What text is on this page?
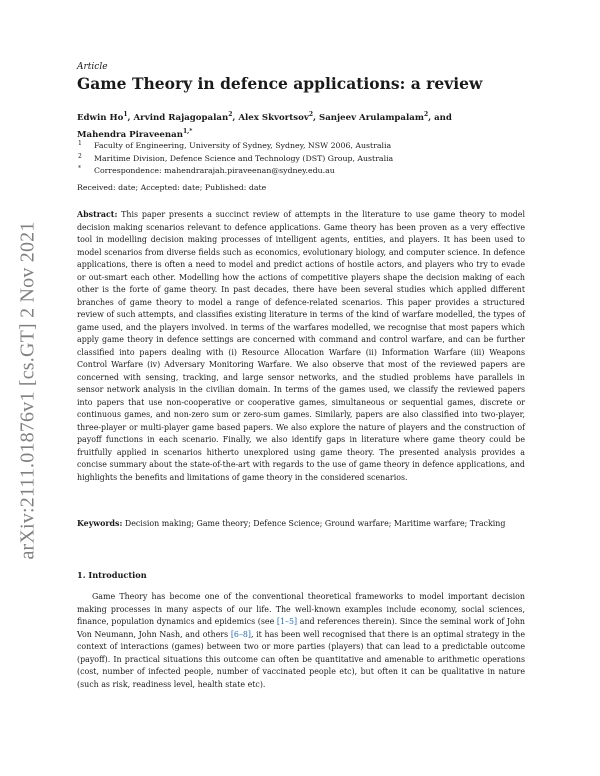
arXiv:2111.01876v1 [cs.GT] 2 Nov 2021
Article
Game Theory in defence applications: a review
Edwin Ho$^1$, Arvind Rajagopalan$^2$, Alex Skvortsov$^2$, Sanjeev Arulampalam$^2$, and
Mahendra Piraveenan$^{1,*}$
1 Faculty of Engineering, University of Sydney, Sydney, NSW 2006, Australia
2 Maritime Division, Defence Science and Technology (DST) Group, Australia
* Correspondence: mahendrarajah.piraveenan@sydney.edu.au
Received: date; Accepted: date; Published: date

Abstract: This paper presents a succinct review of attempts in the literature to use game theory to model decision making scenarios relevant to defence applications. Game theory has been proven as a very effective tool in modelling decision making processes of intelligent agents, entities, and players. It has been used to model scenarios from diverse fields such as economics, evolutionary biology, and computer science. In defence applications, there is often a need to model and predict actions of hostile actors, and players who try to evade or out-smart each other. Modelling how the actions of competitive players shape the decision making of each other is the forte of game theory. In past decades, there have been several studies which applied different branches of game theory to model a range of defence-related scenarios. This paper provides a structured review of such attempts, and classifies existing literature in terms of the kind of warfare modelled, the types of game used, and the players involved. in terms of the warfares modelled, we recognise that most papers which apply game theory in defence settings are concerned with command and control warfare, and can be further classified into papers dealing with (i) Resource Allocation Warfare (ii) Information Warfare (iii) Weapons Control Warfare (iv) Adversary Monitoring Warfare. We also observe that most of the reviewed papers are concerned with sensing, tracking, and large sensor networks, and the studied problems have parallels in sensor network analysis in the civilian domain. In terms of the games used, we classify the reviewed papers into papers that use non-cooperative or cooperative games, simultaneous or sequential games, discrete or continuous games, and non-zero sum or zero-sum games. Similarly, papers are also classified into two-player, three-player or multi-player game based papers. We also explore the nature of players and the construction of payoff functions in each scenario. Finally, we also identify gaps in literature where game theory could be fruitfully applied in scenarios hitherto unexplored using game theory. The presented analysis provides a concise summary about the state-of-the-art with regards to the use of game theory in defence applications, and highlights the benefits and limitations of game theory in the considered scenarios.

Keywords: Decision making; Game theory; Defence Science; Ground warfare; Maritime warfare; Tracking

1. Introduction

Game Theory has become one of the conventional theoretical frameworks to model important decision making processes in many aspects of our life. The well-known examples include economy, social sciences, finance, population dynamics and epidemics (see [1–5] and references therein). Since the seminal work of John Von Neumann, John Nash, and others [6–8], it has been well recognised that there is an optimal strategy in the context of interactions (games) between two or more parties (players) that can lead to a predictable outcome (payoff). In practical situations this outcome can often be quantitative and amenable to arithmetic operations (cost, number of infected people, number of vaccinated people etc), but often it can be qualitative in nature (such as risk, readiness level, health state etc).
